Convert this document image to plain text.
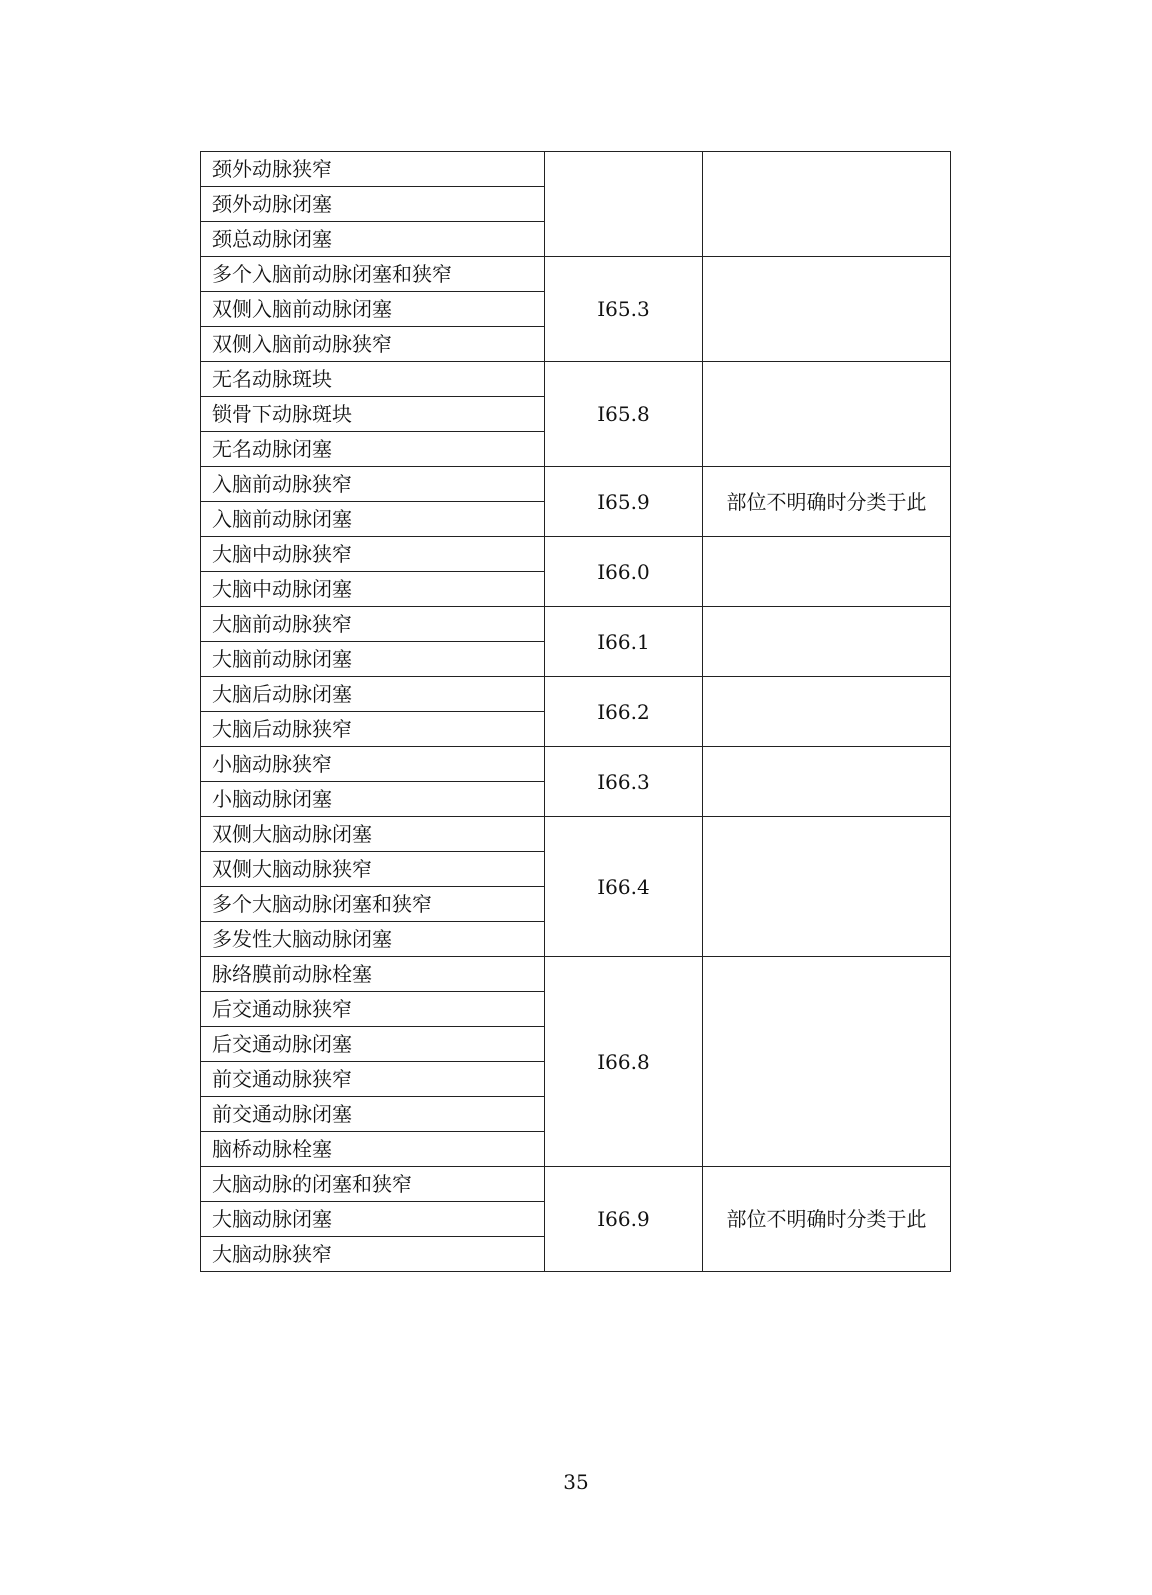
颈外动脉狭窄		
颈外动脉闭塞		
颈总动脉闭塞		
多个入脑前动脉闭塞和狭窄	I65.3	
双侧入脑前动脉闭塞		
双侧入脑前动脉狭窄		
无名动脉斑块	I65.8	
锁骨下动脉斑块		
无名动脉闭塞		
入脑前动脉狭窄	I65.9	部位不明确时分类于此
入脑前动脉闭塞		
大脑中动脉狭窄	I66.0	
大脑中动脉闭塞		
大脑前动脉狭窄	I66.1	
大脑前动脉闭塞		
大脑后动脉闭塞	I66.2	
大脑后动脉狭窄		
小脑动脉狭窄	I66.3	
小脑动脉闭塞		
双侧大脑动脉闭塞	I66.4	
双侧大脑动脉狭窄		
多个大脑动脉闭塞和狭窄		
多发性大脑动脉闭塞		
脉络膜前动脉栓塞	I66.8	
后交通动脉狭窄		
后交通动脉闭塞		
前交通动脉狭窄		
前交通动脉闭塞		
脑桥动脉栓塞		
大脑动脉的闭塞和狭窄	I66.9	部位不明确时分类于此
大脑动脉闭塞		
大脑动脉狭窄		
35
